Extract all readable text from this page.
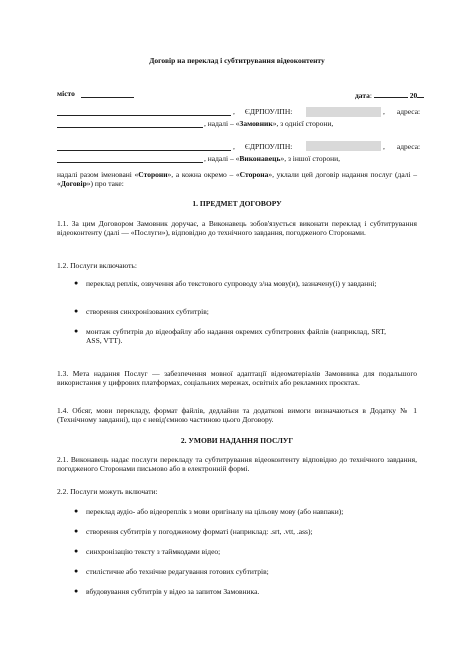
Договір на переклад і субтитрування відеоконтенту
місто	дата:	20
, ЄДРПОУ/ІПН:	, адреса:
, надалі – «Замовник», з однієї сторони,
, ЄДРПОУ/ІПН:	, адреса:
, надалі – «Виконавець», з іншої сторони,
надалі разом іменовані «Сторони», а кожна окремо – «Сторона», уклали цей договір надання послуг (далі – «Договір») про таке:
1. ПРЕДМЕТ ДОГОВОРУ
1.1. За цим Договором Замовник доручає, а Виконавець зобов'язується виконати переклад і субтитрування відеоконтенту (далі — «Послуги»), відповідно до технічного завдання, погодженого Сторонами.
1.2. Послуги включають:
● переклад реплік, озвучення або текстового супроводу з/на мову(и), зазначену(і) у завданні;
● створення синхронізованих субтитрів;
● монтаж субтитрів до відеофайлу або надання окремих субтитрових файлів (наприклад, SRT, ASS, VTT).
1.3. Мета надання Послуг — забезпечення мовної адаптації відеоматеріалів Замовника для подальшого використання у цифрових платформах, соціальних мережах, освітніх або рекламних проєктах.
1.4. Обсяг, мови перекладу, формат файлів, дедлайни та додаткові вимоги визначаються в Додатку № 1 (Технічному завданні), що є невід'ємною частиною цього Договору.
2. УМОВИ НАДАННЯ ПОСЛУГ
2.1. Виконавець надає послуги перекладу та субтитрування відеоконтенту відповідно до технічного завдання, погодженого Сторонами письмово або в електронній формі.
2.2. Послуги можуть включати:
● переклад аудіо- або відеореплік з мови оригіналу на цільову мову (або навпаки);
● створення субтитрів у погодженому форматі (наприклад: .srt, .vtt, .ass);
● синхронізацію тексту з таймкодами відео;
● стилістичне або технічне редагування готових субтитрів;
● вбудовування субтитрів у відео за запитом Замовника.
